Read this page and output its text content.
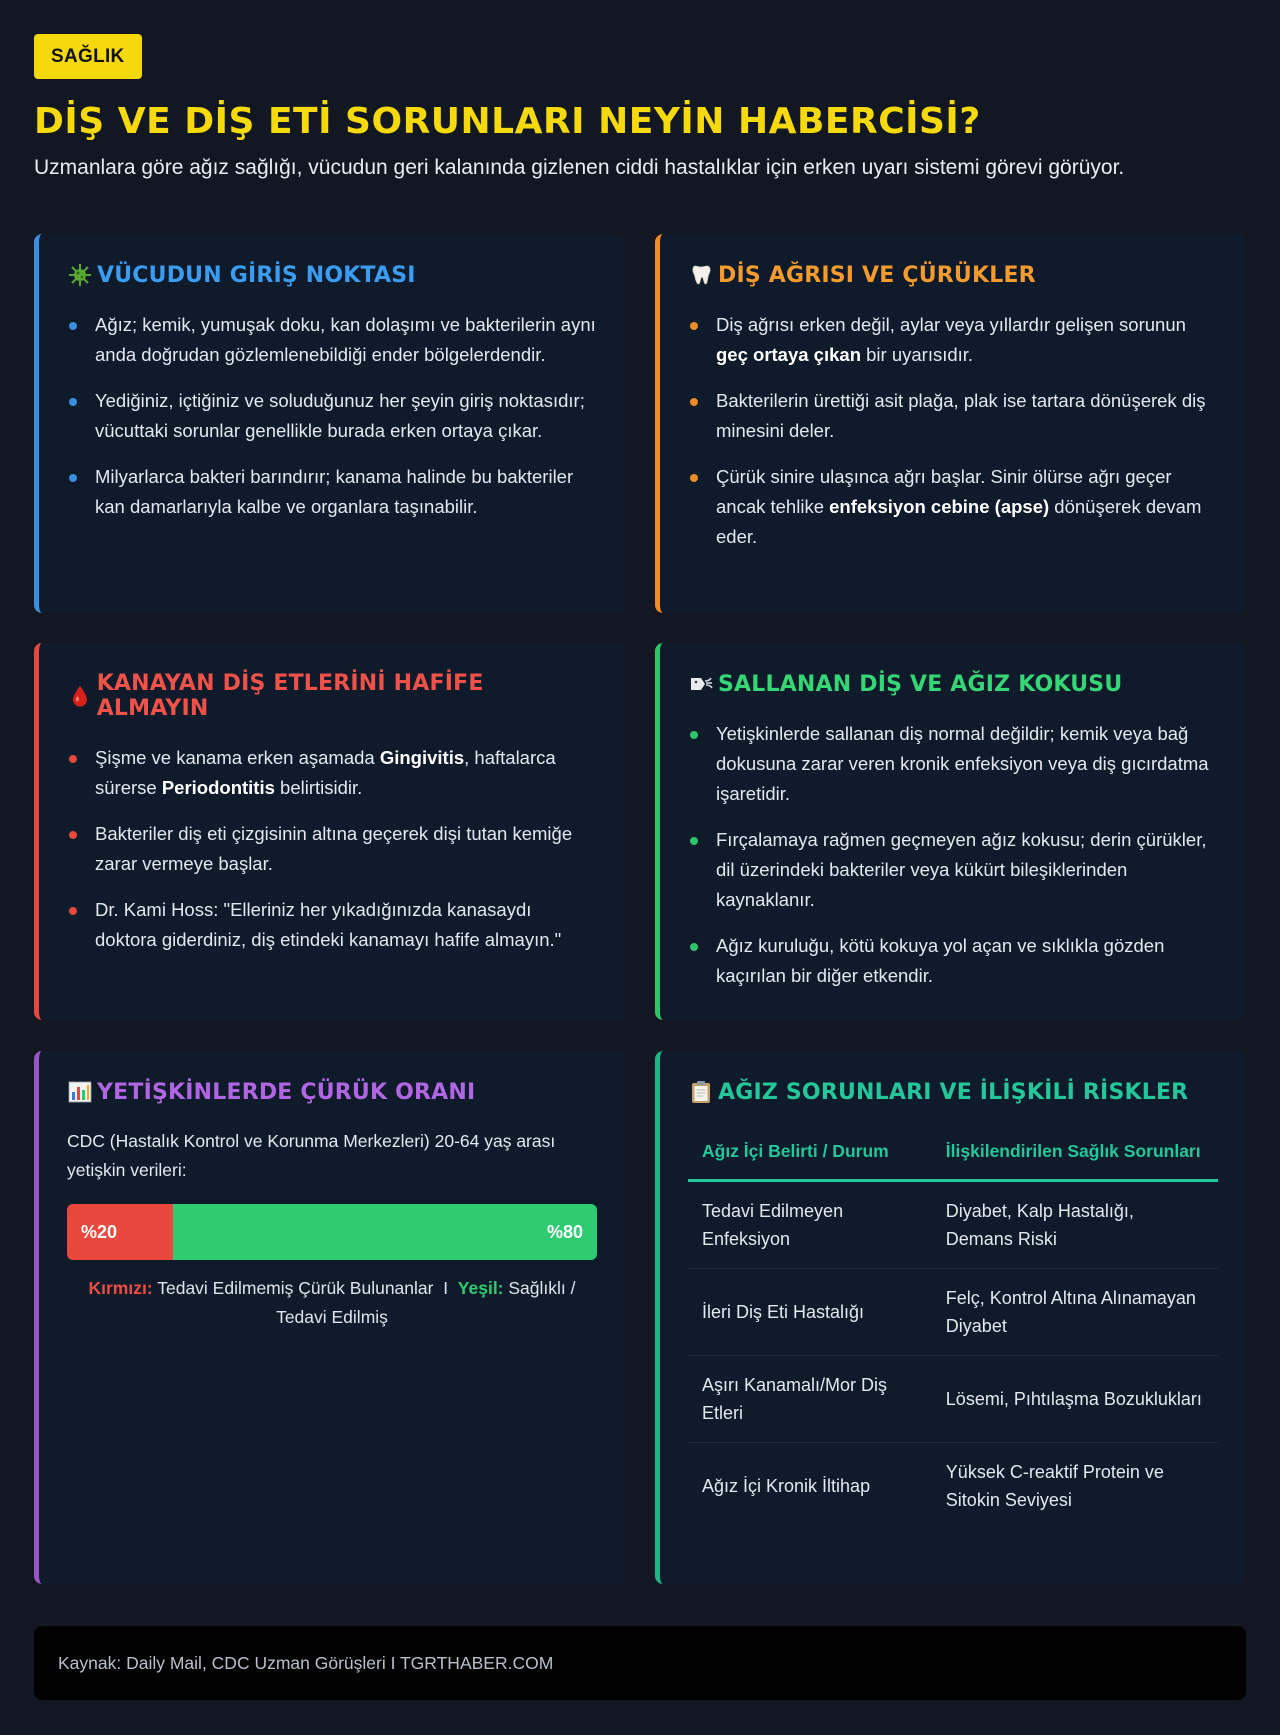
SAĞLIK
DİŞ VE DİŞ ETİ SORUNLARI NEYİN HABERCİSİ?

Uzmanlara göre ağız sağlığı, vücudun geri kalanında gizlenen ciddi hastalıklar için erken uyarı sistemi görevi görüyor.

VÜCUDUN GİRİŞ NOKTASI
Ağız; kemik, yumuşak doku, kan dolaşımı ve bakterilerin aynı anda doğrudan gözlemlenebildiği ender bölgelerdendir.
Yediğiniz, içtiğiniz ve soluduğunuz her şeyin giriş noktasıdır; vücuttaki sorunlar genellikle burada erken ortaya çıkar.
Milyarlarca bakteri barındırır; kanama halinde bu bakteriler kan damarlarıyla kalbe ve organlara taşınabilir.
DİŞ AĞRISI VE ÇÜRÜKLER
Diş ağrısı erken değil, aylar veya yıllardır gelişen sorunun geç ortaya çıkan bir uyarısıdır.
Bakterilerin ürettiği asit plağa, plak ise tartara dönüşerek diş minesini deler.
Çürük sinire ulaşınca ağrı başlar. Sinir ölürse ağrı geçer ancak tehlike enfeksiyon cebine (apse) dönüşerek devam eder.
KANAYAN DİŞ ETLERİNİ HAFİFE ALMAYIN
Şişme ve kanama erken aşamada Gingivitis, haftalarca sürerse Periodontitis belirtisidir.
Bakteriler diş eti çizgisinin altına geçerek dişi tutan kemiğe zarar vermeye başlar.
Dr. Kami Hoss: "Elleriniz her yıkadığınızda kanasaydı doktora giderdiniz, diş etindeki kanamayı hafife almayın."
SALLANAN DİŞ VE AĞIZ KOKUSU
Yetişkinlerde sallanan diş normal değildir; kemik veya bağ dokusuna zarar veren kronik enfeksiyon veya diş gıcırdatma işaretidir.
Fırçalamaya rağmen geçmeyen ağız kokusu; derin çürükler, dil üzerindeki bakteriler veya kükürt bileşiklerinden kaynaklanır.
Ağız kuruluğu, kötü kokuya yol açan ve sıklıkla gözden kaçırılan bir diğer etkendir.
YETİŞKİNLERDE ÇÜRÜK ORANI

CDC (Hastalık Kontrol ve Korunma Merkezleri) 20-64 yaş arası yetişkin verileri:

%20	%80

Kırmızı: Tedavi Edilmemiş Çürük Bulunanlar  I  Yeşil: Sağlıklı / Tedavi Edilmiş

AĞIZ SORUNLARI VE İLİŞKİLİ RİSKLER
Ağız İçi Belirti / Durum	İlişkilendirilen Sağlık Sorunları
Tedavi Edilmeyen Enfeksiyon	Diyabet, Kalp Hastalığı, Demans Riski
İleri Diş Eti Hastalığı	Felç, Kontrol Altına Alınamayan Diyabet
Aşırı Kanamalı/Mor Diş Etleri	Lösemi, Pıhtılaşma Bozuklukları
Ağız İçi Kronik İltihap	Yüksek C-reaktif Protein ve Sitokin Seviyesi
Kaynak: Daily Mail, CDC Uzman Görüşleri I TGRTHABER.COM
